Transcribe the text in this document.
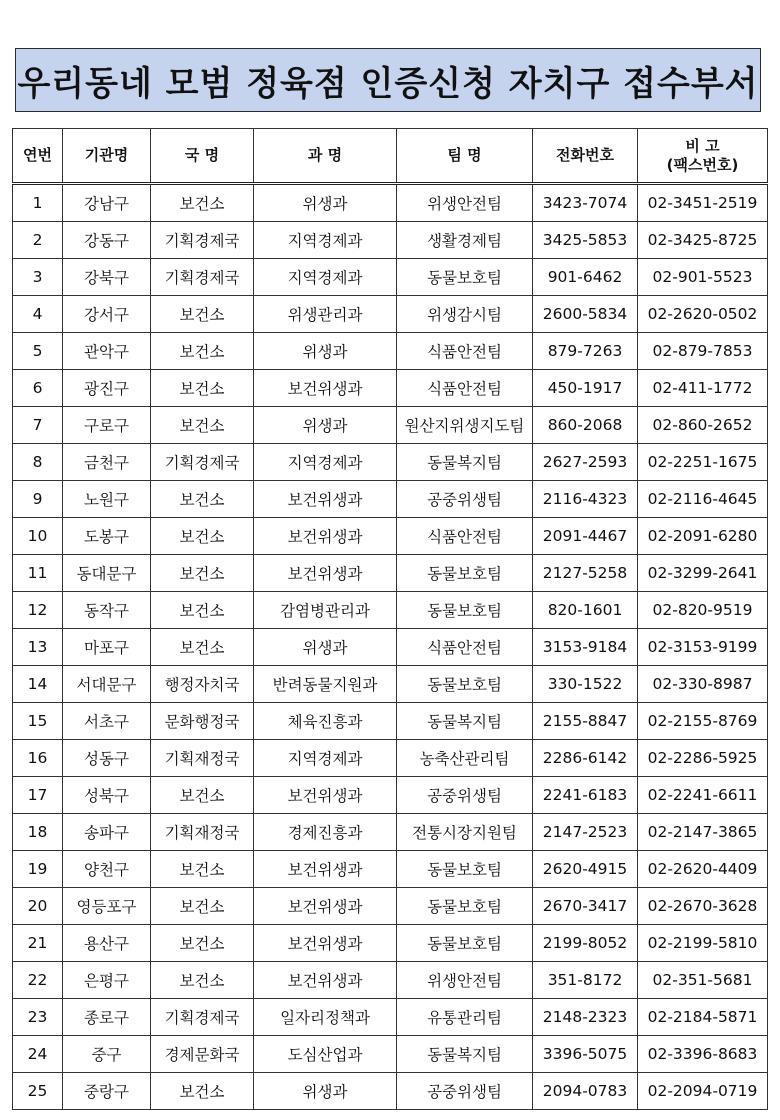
우리동네 모범 정육점 인증신청 자치구 접수부서
연번	기관명	국 명	과 명	팀 명	전화번호	비 고
(팩스번호)

1	강남구	보건소	위생과	위생안전팀	3423-7074	02-3451-2519
2	강동구	기획경제국	지역경제과	생활경제팀	3425-5853	02-3425-8725
3	강북구	기획경제국	지역경제과	동물보호팀	901-6462	02-901-5523
4	강서구	보건소	위생관리과	위생감시팀	2600-5834	02-2620-0502
5	관악구	보건소	위생과	식품안전팀	879-7263	02-879-7853
6	광진구	보건소	보건위생과	식품안전팀	450-1917	02-411-1772
7	구로구	보건소	위생과	원산지위생지도팀	860-2068	02-860-2652
8	금천구	기획경제국	지역경제과	동물복지팀	2627-2593	02-2251-1675
9	노원구	보건소	보건위생과	공중위생팀	2116-4323	02-2116-4645
10	도봉구	보건소	보건위생과	식품안전팀	2091-4467	02-2091-6280
11	동대문구	보건소	보건위생과	동물보호팀	2127-5258	02-3299-2641
12	동작구	보건소	감염병관리과	동물보호팀	820-1601	02-820-9519
13	마포구	보건소	위생과	식품안전팀	3153-9184	02-3153-9199
14	서대문구	행정자치국	반려동물지원과	동물보호팀	330-1522	02-330-8987
15	서초구	문화행정국	체육진흥과	동물복지팀	2155-8847	02-2155-8769
16	성동구	기획재정국	지역경제과	농축산관리팀	2286-6142	02-2286-5925
17	성북구	보건소	보건위생과	공중위생팀	2241-6183	02-2241-6611
18	송파구	기획재정국	경제진흥과	전통시장지원팀	2147-2523	02-2147-3865
19	양천구	보건소	보건위생과	동물보호팀	2620-4915	02-2620-4409
20	영등포구	보건소	보건위생과	동물보호팀	2670-3417	02-2670-3628
21	용산구	보건소	보건위생과	동물보호팀	2199-8052	02-2199-5810
22	은평구	보건소	보건위생과	위생안전팀	351-8172	02-351-5681
23	종로구	기획경제국	일자리정책과	유통관리팀	2148-2323	02-2184-5871
24	중구	경제문화국	도심산업과	동물복지팀	3396-5075	02-3396-8683
25	중랑구	보건소	위생과	공중위생팀	2094-0783	02-2094-0719
